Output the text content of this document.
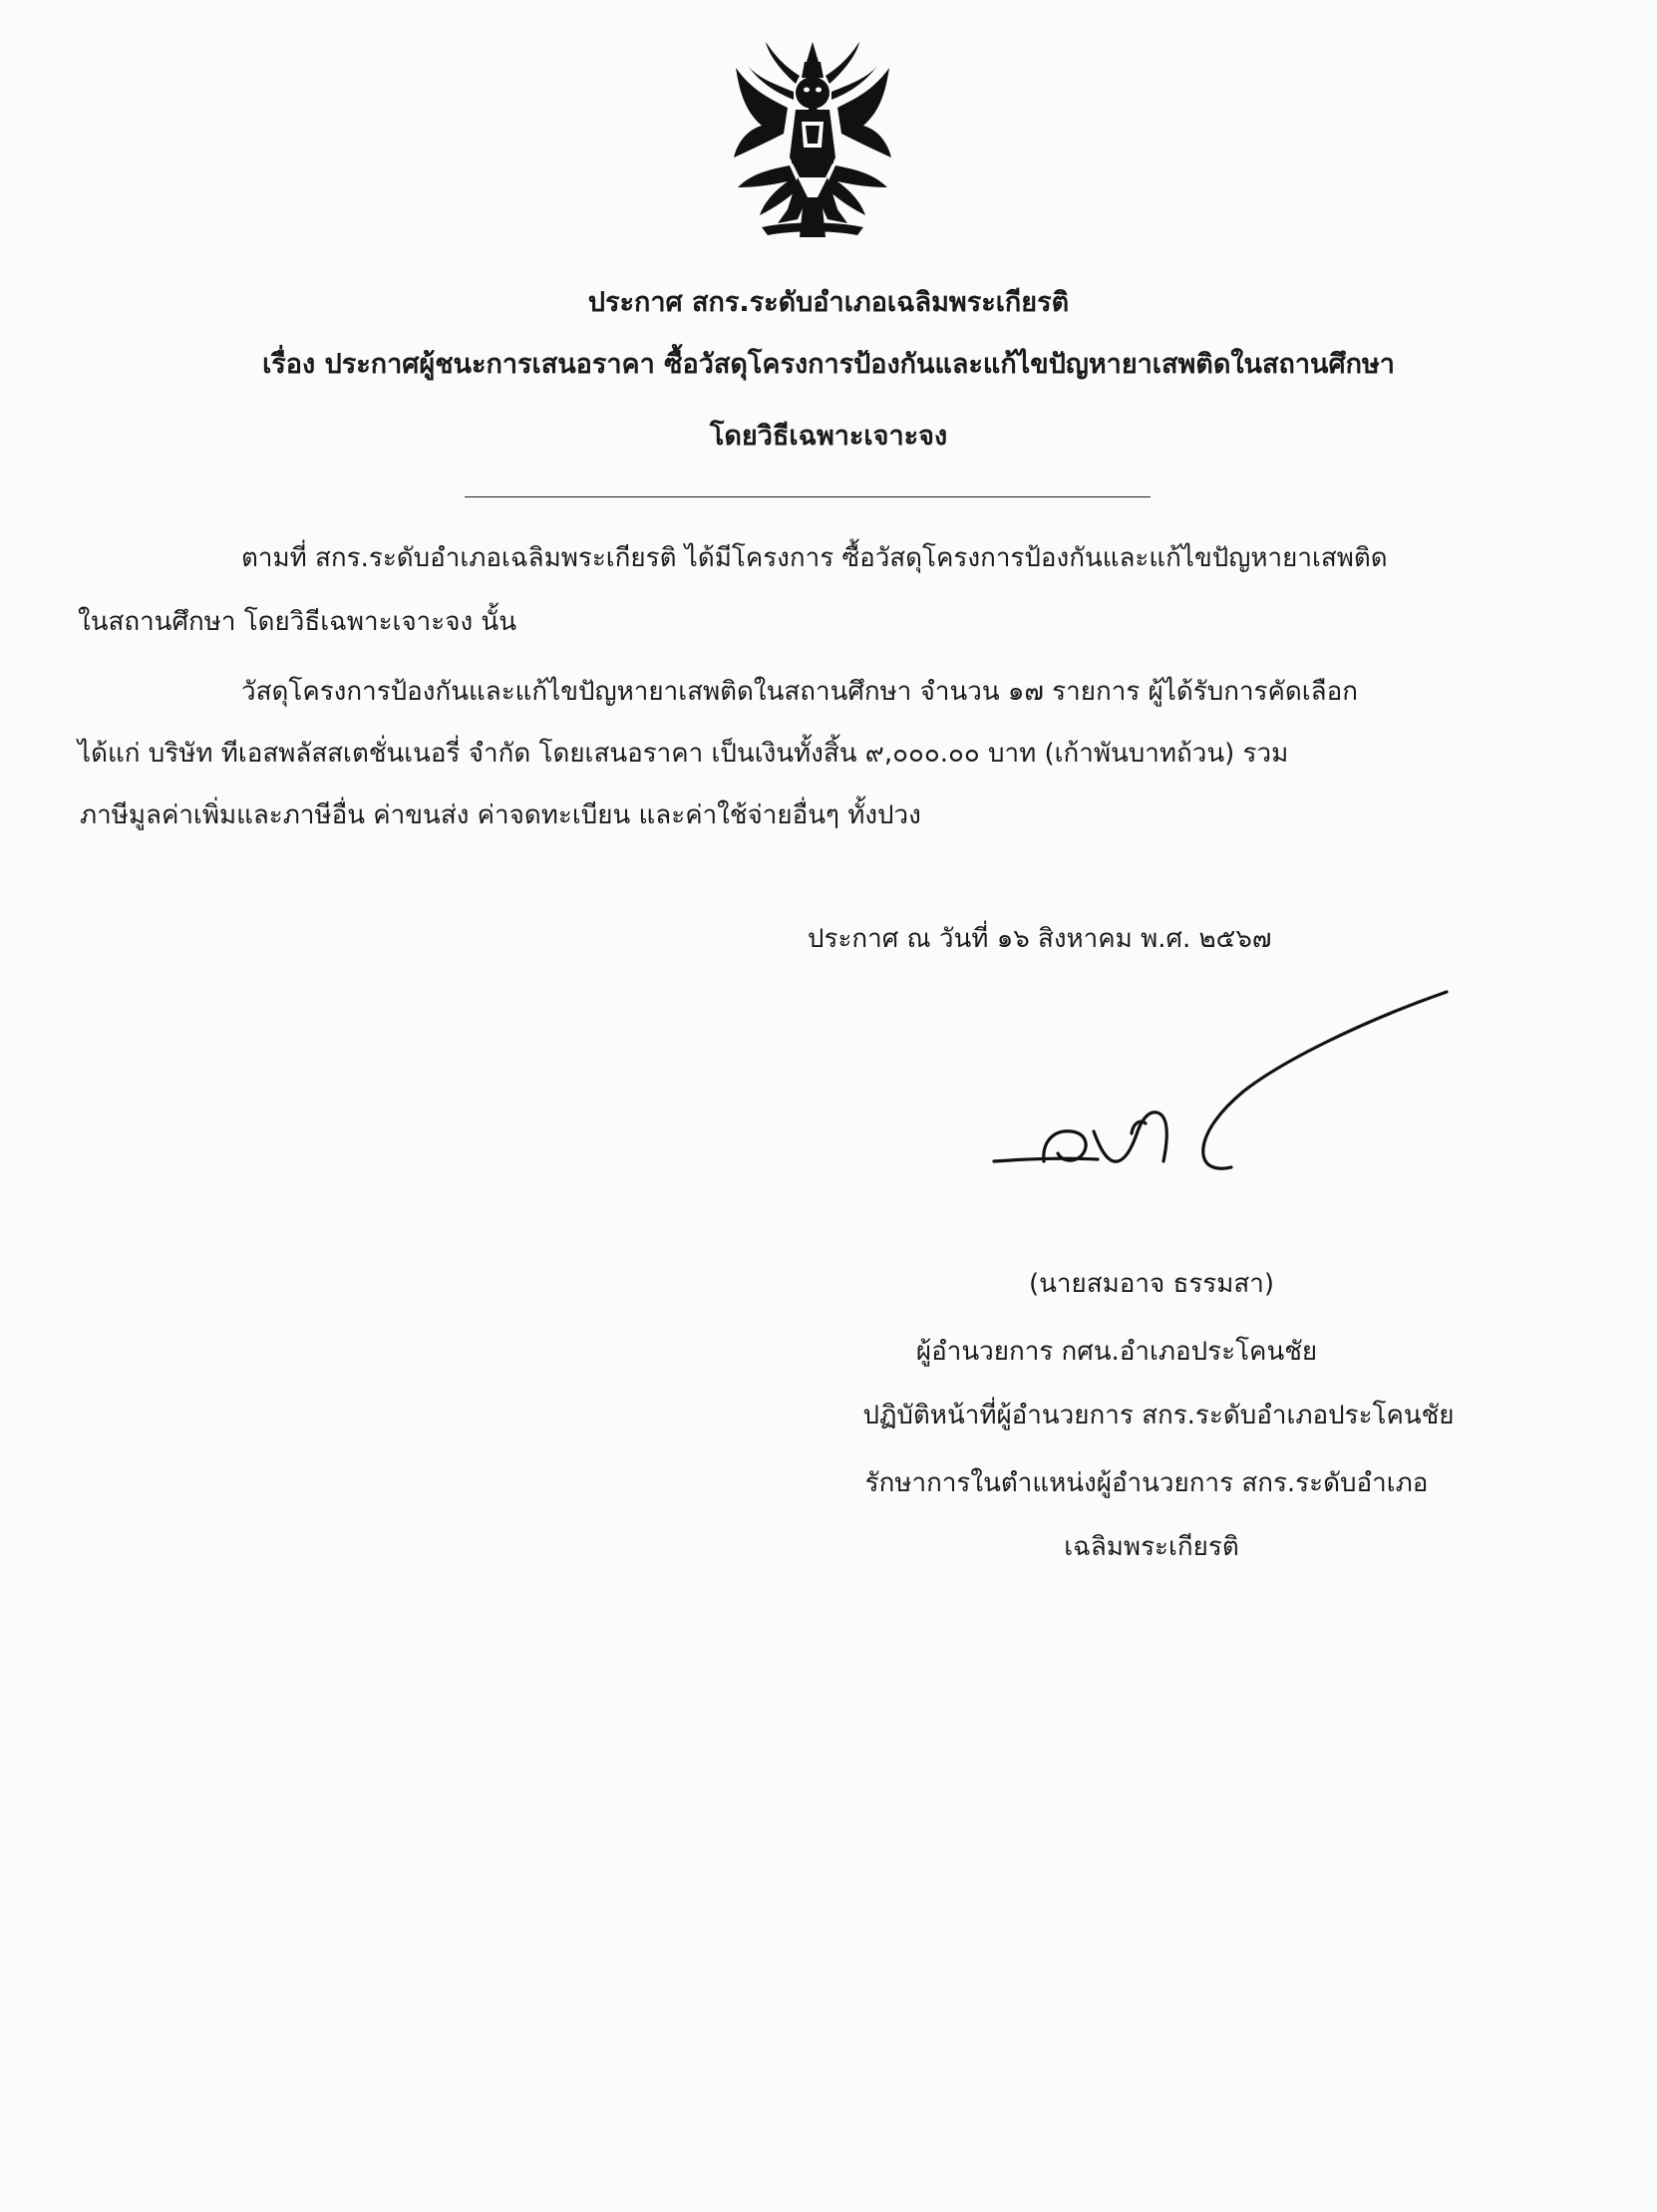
ประกาศ สกร.ระดับอำเภอเฉลิมพระเกียรติ
เรื่อง ประกาศผู้ชนะการเสนอราคา ซื้อวัสดุโครงการป้องกันและแก้ไขปัญหายาเสพติดในสถานศึกษา
โดยวิธีเฉพาะเจาะจง
ตามที่ สกร.ระดับอำเภอเฉลิมพระเกียรติ ได้มีโครงการ ซื้อวัสดุโครงการป้องกันและแก้ไขปัญหายาเสพติด
ในสถานศึกษา โดยวิธีเฉพาะเจาะจง นั้น
วัสดุโครงการป้องกันและแก้ไขปัญหายาเสพติดในสถานศึกษา จำนวน ๑๗ รายการ ผู้ได้รับการคัดเลือก
ได้แก่ บริษัท ทีเอสพลัสสเตชั่นเนอรี่ จำกัด โดยเสนอราคา เป็นเงินทั้งสิ้น ๙,๐๐๐.๐๐ บาท (เก้าพันบาทถ้วน) รวม
ภาษีมูลค่าเพิ่มและภาษีอื่น ค่าขนส่ง ค่าจดทะเบียน และค่าใช้จ่ายอื่นๆ ทั้งปวง
ประกาศ ณ วันที่ ๑๖ สิงหาคม พ.ศ. ๒๕๖๗
(นายสมอาจ ธรรมสา)
ผู้อำนวยการ กศน.อำเภอประโคนชัย
ปฏิบัติหน้าที่ผู้อำนวยการ สกร.ระดับอำเภอประโคนชัย
รักษาการในตำแหน่งผู้อำนวยการ สกร.ระดับอำเภอ
เฉลิมพระเกียรติ
